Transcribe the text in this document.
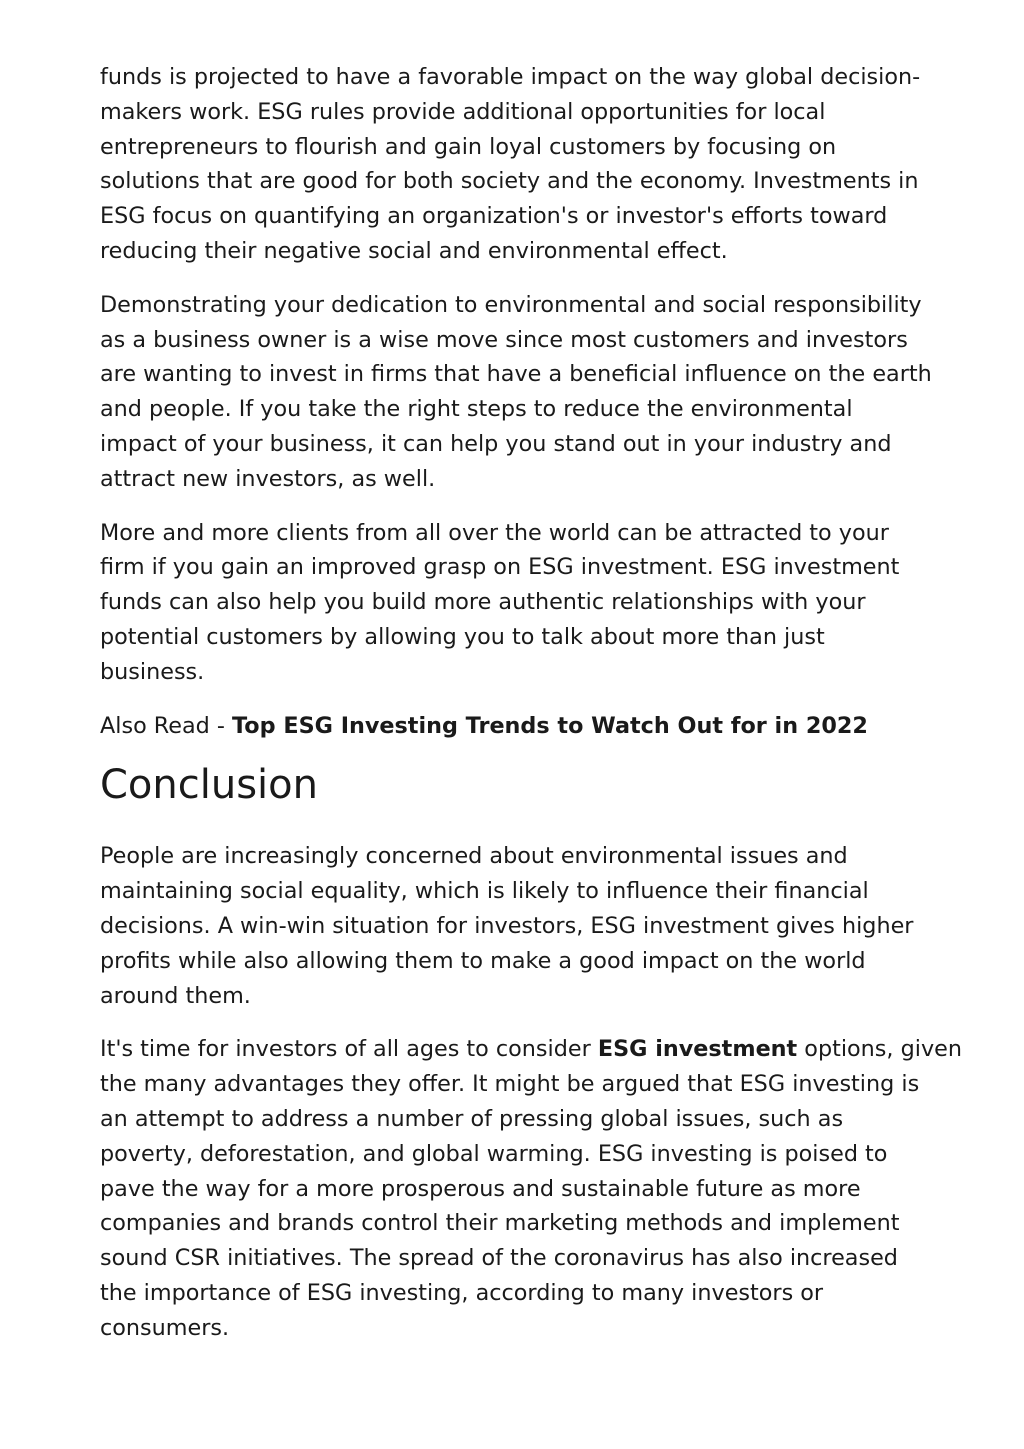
funds is projected to have a favorable impact on the way global decision-
makers work. ESG rules provide additional opportunities for local
entrepreneurs to flourish and gain loyal customers by focusing on
solutions that are good for both society and the economy. Investments in
ESG focus on quantifying an organization's or investor's efforts toward
reducing their negative social and environmental effect.

Demonstrating your dedication to environmental and social responsibility
as a business owner is a wise move since most customers and investors
are wanting to invest in firms that have a beneficial influence on the earth
and people. If you take the right steps to reduce the environmental
impact of your business, it can help you stand out in your industry and
attract new investors, as well.

More and more clients from all over the world can be attracted to your
firm if you gain an improved grasp on ESG investment. ESG investment
funds can also help you build more authentic relationships with your
potential customers by allowing you to talk about more than just
business.

Also Read - Top ESG Investing Trends to Watch Out for in 2022

Conclusion

People are increasingly concerned about environmental issues and
maintaining social equality, which is likely to influence their financial
decisions. A win-win situation for investors, ESG investment gives higher
profits while also allowing them to make a good impact on the world
around them.

It's time for investors of all ages to consider ESG investment options, given
the many advantages they offer. It might be argued that ESG investing is
an attempt to address a number of pressing global issues, such as
poverty, deforestation, and global warming. ESG investing is poised to
pave the way for a more prosperous and sustainable future as more
companies and brands control their marketing methods and implement
sound CSR initiatives. The spread of the coronavirus has also increased
the importance of ESG investing, according to many investors or
consumers.
